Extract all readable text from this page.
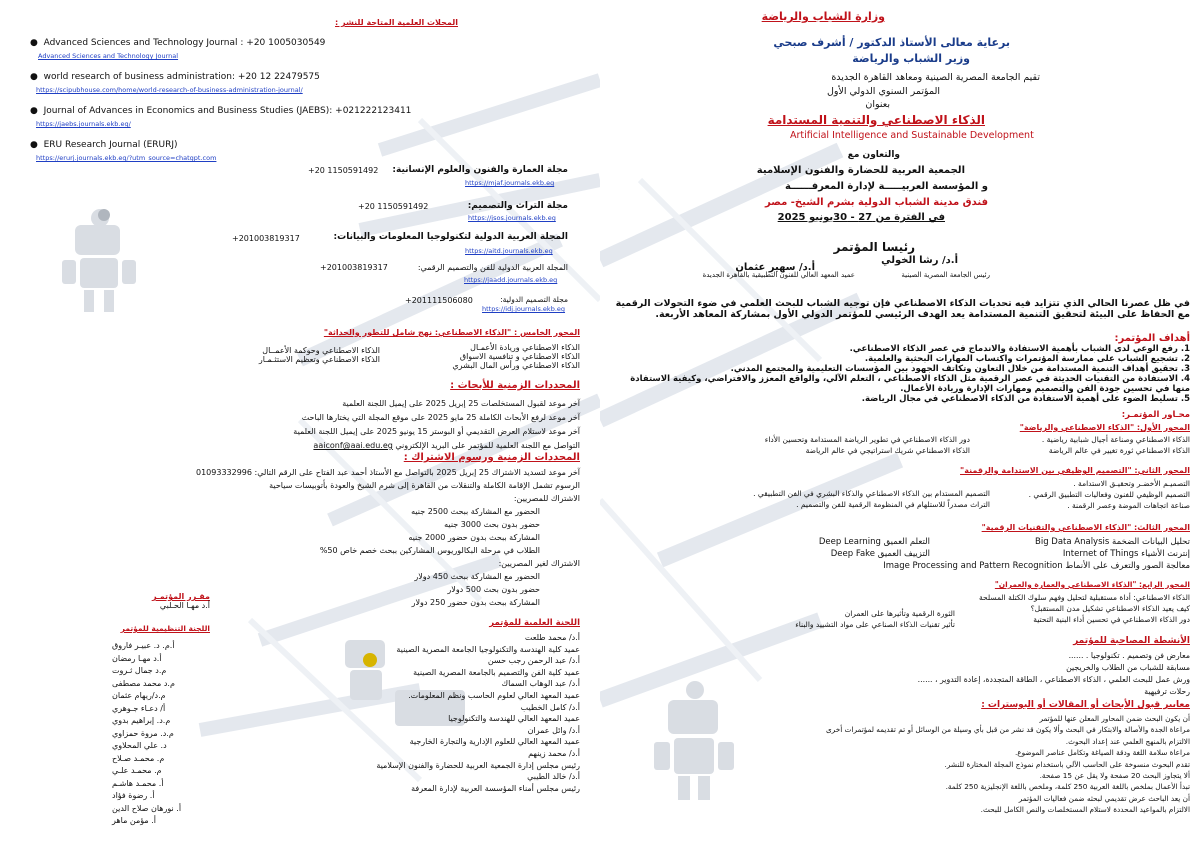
المجلات العلمية المتاحة للنشر :
●  Advanced Sciences and Technology Journal : +20 1005030549
Advanced Sciences and Technology Journal
●  world research of business administration: +20 12 22479575
https://scipubhouse.com/home/world-research-of-business-administration-journal/
●  Journal of Advances in Economics and Business Studies (JAEBS): +021222123411
https://jaebs.journals.ekb.eg/
●  ERU Research Journal (ERURJ)
https://erurj.journals.ekb.eg/?utm_source=chatgpt.com
مجلة العمارة والفنون والعلوم الإنسانية:
+20 1150591492
https://mjaf.journals.ekb.eg
مجلة التراث والتصميم:
+20 1150591492
https://jsos.journals.ekb.eg
المجلة العربية الدولية لتكنولوجيا المعلومات والبيانات:
+201003819317
https://aitd.journals.ekb.eg
المجلة العربية الدولية للفن والتصميم الرقمي:
+201003819317
https://jaadd.journals.ekb.eg
مجلة التصميم الدولية:
+201111506080
https://idj.journals.ekb.eg
المحور الخامس : "الذكاء الاصطناعي: نهج شامل للتطور والحداثة"
الذكاء الاصطناعي وريادة الأعمـال
الذكاء الاصطناعي و تنافسية الاسواق
الذكاء الاصطناعي ورأس المال البشري
الذكاء الاصطناعي وحوكمة الأعمــال
الذكاء الاصطناعي وتعظيم الاستثـمـار
المحددات الزمنية للأبحاث :
آخر موعد لقبول المستخلصات 25 إبريل 2025 على إيميل اللجنة العلمية
آخر موعد لرفع الأبحاث الكاملة 25 مايو 2025 على موقع المجلة التي يختارها الباحث
آخر موعد لاستلام العرض التقديمي أو البوستر 15 يونيو 2025 على إيميل اللجنة العلمية
التواصل مع اللجنة العلمية للمؤتمر على البريد الإلكتروني aaiconf@aai.edu.eg
المحددات الزمنية ورسوم الاشتراك :
آخر موعد لتسديد الاشتراك 25 إبريل 2025 بالتواصل مع الأستاذ أحمد عبد الفتاح على الرقم التالي: 01093332996
الرسوم تشمل الإقامة الكاملة والتنقلات من القاهرة إلى شرم الشيخ والعودة بأتوبيسات سياحية
الاشتراك للمصريين:
الحضور مع المشاركة ببحث 2500 جنيه
حضور بدون بحث 3000 جنيه
المشاركة ببحث بدون حضور 2000 جنيه
الطلاب في مرحلة البكالوريوس المشاركين ببحث خصم خاص 50%
الاشتراك لغير المصريين:
الحضور مع المشاركة ببحث 450 دولار
حضور بدون بحث 500 دولار
المشاركة ببحث بدون حضور 250 دولار
مقـرر المؤتمـر
أ.د مهـا الحـلبي
اللجنة التنظيمية للمؤتمر
أ.م. د. عبيـر فاروق
أ.د مهـا رمضان
م.د جمال ثـروت
م.د محمد مصطفى
م.د/ريهام عثمان
أ/ دعـاء جـوهري
م.د. إبراهيم بدوي
م.د. مروة حمزاوي
د. علي المحلاوي
م. محمـد صـلاح
م. محمـد علـي
أ. محمـد هاشـم
أ. رضوة فؤاد
أ. نورهان صلاح الدين
أ. مؤمن ماهر
اللجنة العلمية للمؤتمر
أ.د/ محمد طلعت
عميد كلية الهندسة والتكنولوجيا الجامعة المصرية الصينية
أ.د/ عبد الرحمن رجب حسن
عميد كلية الفن والتصميم بالجامعة المصرية الصينية
أ.د/ عبد الوهاب السماك
عميد المعهد العالي لعلوم الحاسب ونظم المعلومات.
أ.د/ كامل الخطيب
عميد المعهد العالي للهندسة والتكنولوجيا
أ.د/ وائل عمران
عميد المعهد العالي للعلوم الإدارية والتجارة الخارجية
أ.د/ محمد زينهم
رئيس مجلس إدارة الجمعية العربية للحضارة والفنون الإسلامية
أ.د/ خالد الطيبي
رئيس مجلس أمناء المؤسسة العربية لإدارة المعرفة
وزارة الشباب والرياضة
برعاية معالى الأستاذ الدكتور / أشرف صبحي
وزير الشباب والرياضة
تقيم الجامعة المصرية الصينية ومعاهد القاهرة الجديدة
المؤتمر السنوي الدولي الأول
بعنوان
الذكاء الاصطناعي والتنمية المستدامة
Artificial Intelligence and Sustainable Development
والتعاون مع
الجمعية العربية للحضارة والفنون الإسلامية
و المؤسسة العربيـــــة لإدارة المعرفــــــة
فندق مدينة الشباب الدولية بشرم الشيخ- مصر
في الفترة من 27 - 30يونيو 2025
رئيسا المؤتمر
أ.د/ رشا الخولي
رئيس الجامعة المصرية الصينية
أ.د/ سهير عثمان
عميد المعهد العالي للفنون التطبيقية بالقاهرة الجديدة
في ظل عصرنا الحالي الذي تتزايد فيه تحديات الذكاء الاصطناعي فإن توجيه الشباب للبحث العلمي في ضوء التحولات الرقمية مع الحفاظ على البيئة لتحقيق التنمية المستدامة يعد الهدف الرئيسي للمؤتمر الدولي الأول بمشاركة المعاهد الأربعة.
أهداف المؤتمر:
1. رفع الوعي لدى الشباب بأهمية الاستفادة والاندماج في عصر الذكاء الاصطناعي.
2. تشجيع الشباب على ممارسة المؤتمرات واكتساب المهارات البحثية والعلمية.
3. تحقيق أهداف التنمية المستدامة من خلال التعاون وتكاتف الجهود بين المؤسسات التعليمية والمجتمع المدني.
4. الاستفادة من التقنيات الحديثة في عصر الرقمية مثل الذكاء الاصطناعي ، التعلم الآلي، والواقع المعزز والافتراضي، وكيفية الاستفادة منها في تحسين جودة الفن والتصميم ومهارات الإدارة وريادة الأعمال.
5. تسليط الضوء على أهمية الاستفادة من الذكاء الاصطناعي في مجال الرياضة.
محـاور المؤتمـر:
المحور الأول: "الذكاء الاصطناعي والرياضة"
الذكاء الاصطناعي وصناعة أجيال شبابية رياضية .
الذكاء الاصطناعي ثورة تغيير في عالم الرياضة
دور الذكاء الاصطناعي في تطوير الرياضة المستدامة وتحسين الأداء
الذكاء الاصطناعي شريك استراتيجي في عالم الرياضة
المحور الثاني: "التصميم الوظيفي بين الاستدامة والرقمنة"
التصميـم الأخضـر وتحقيـق الاستدامة .
التصميم الوظيفي للفنون وفعاليات التطبيق الرقمي .
صناعة اتجاهات الموضة وعصر الرقمنة .
التصميم المستدام بين الذكاء الاصطناعي والذكاء البشري في الفن التطبيقي .
التراث مصدراً للاستلهام في المنظومة الرقمية للفن والتصميم .
المحور الثالث: "الذكاء الاصطناعي والتقنيات الرقمية"
تحليل البيانات الضخمة Big Data Analysis
إنترنت الأشياء Internet of Things
معالجة الصور والتعرف على الأنماط Image Processing and Pattern Recognition
التعلم العميق Deep Learning
التزييف العميق Deep Fake
المحور الرابع: "الذكاء الاصطناعي والعمارة والعمران"
الذكاء الاصطناعي: أداة مستقبلية لتحليل وفهم سلوك الكتلة المسلحة
كيف يعيد الذكاء الاصطناعي تشكيل مدن المستقبل؟
دور الذكاء الاصطناعي في تحسين أداء البنية التحتية
الثورة الرقمية وتأثيرها على العمران
تأثير تقنيات الذكاء الصناعي على مواد التشييد والبناء
الأنشطة المصاحبة للمؤتمر
معارض فن وتصميم . تكنولوجيا . ......
مسابقة للشباب من الطلاب والخريجين
ورش عمل للبحث العلمي ، الذكاء الاصطناعي ، الطاقة المتجددة، إعادة التدوير ، ......
رحلات ترفيهية
معايير قبول الأبحاث أو المقالات أو البوسترات :
أن يكون البحث ضمن المحاور المعلن عنها للمؤتمر
مراعاة الجدة والأصالة والابتكار في البحث وألا يكون قد نشر من قبل بأي وسيلة من الوسائل أو تم تقديمه لمؤتمرات أخرى
الالتزام بالمنهج العلمي عند إعداد البحوث.
مراعاة سلامة اللغة ودقة الصياغة وتكامل عناصر الموضوع.
تقدم البحوث منسوخة على الحاسب الآلي باستخدام نموذج المجلة المختارة للنشر.
ألا يتجاوز البحث 20 صفحة ولا يقل عن 15 صفحة.
تبدأ الأعمال بملخص باللغة العربية 250 كلمة، وملخص باللغة الإنجليزية 250 كلمة.
أن يعد الباحث عرض تقديمي لبحثه ضمن فعاليات المؤتمر
الالتزام بالمواعيد المحددة لاستلام المستخلصات والنص الكامل للبحث.
